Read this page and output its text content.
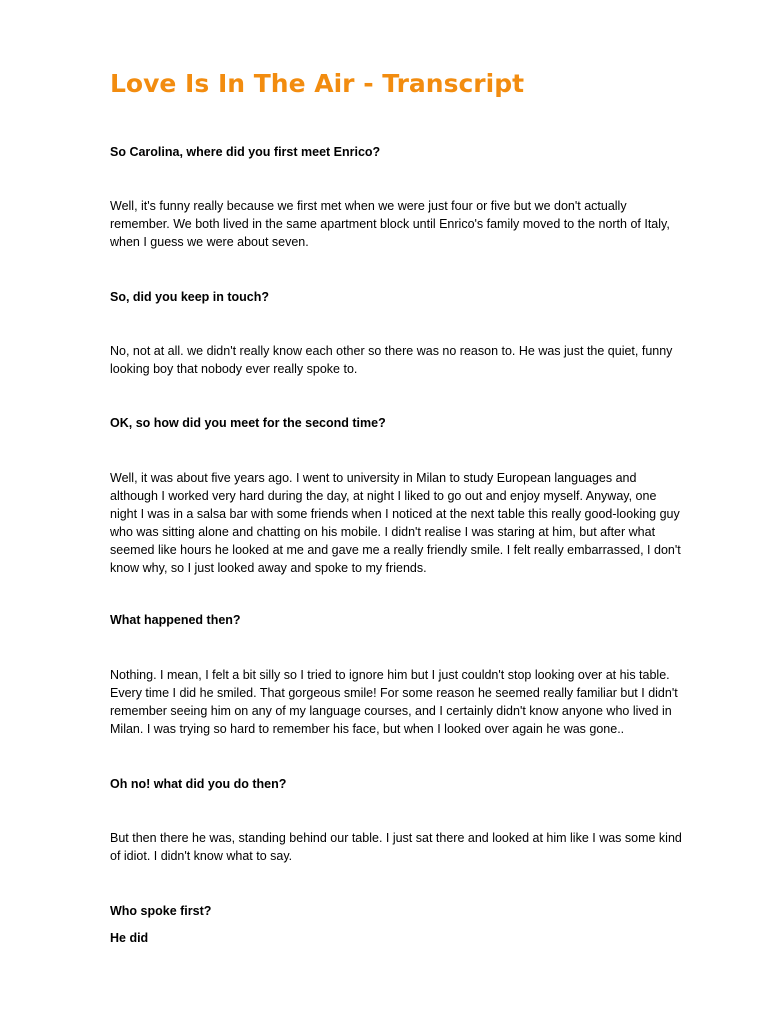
Love Is In The Air - Transcript

So Carolina, where did you first meet Enrico?

Well, it's funny really because we first met when we were just four or five but we don't actually
remember. We both lived in the same apartment block until Enrico's family moved to the north of Italy,
when I guess we were about seven.

So, did you keep in touch?

No, not at all. we didn't really know each other so there was no reason to. He was just the quiet, funny
looking boy that nobody ever really spoke to.

OK, so how did you meet for the second time?

Well, it was about five years ago. I went to university in Milan to study European languages and
although I worked very hard during the day, at night I liked to go out and enjoy myself. Anyway, one
night I was in a salsa bar with some friends when I noticed at the next table this really good-looking guy
who was sitting alone and chatting on his mobile. I didn't realise I was staring at him, but after what
seemed like hours he looked at me and gave me a really friendly smile. I felt really embarrassed, I don't
know why, so I just looked away and spoke to my friends.

What happened then?

Nothing. I mean, I felt a bit silly so I tried to ignore him but I just couldn't stop looking over at his table.
Every time I did he smiled. That gorgeous smile! For some reason he seemed really familiar but I didn't
remember seeing him on any of my language courses, and I certainly didn't know anyone who lived in
Milan. I was trying so hard to remember his face, but when I looked over again he was gone..

Oh no! what did you do then?

But then there he was, standing behind our table. I just sat there and looked at him like I was some kind
of idiot. I didn't know what to say.

Who spoke first?

He did
